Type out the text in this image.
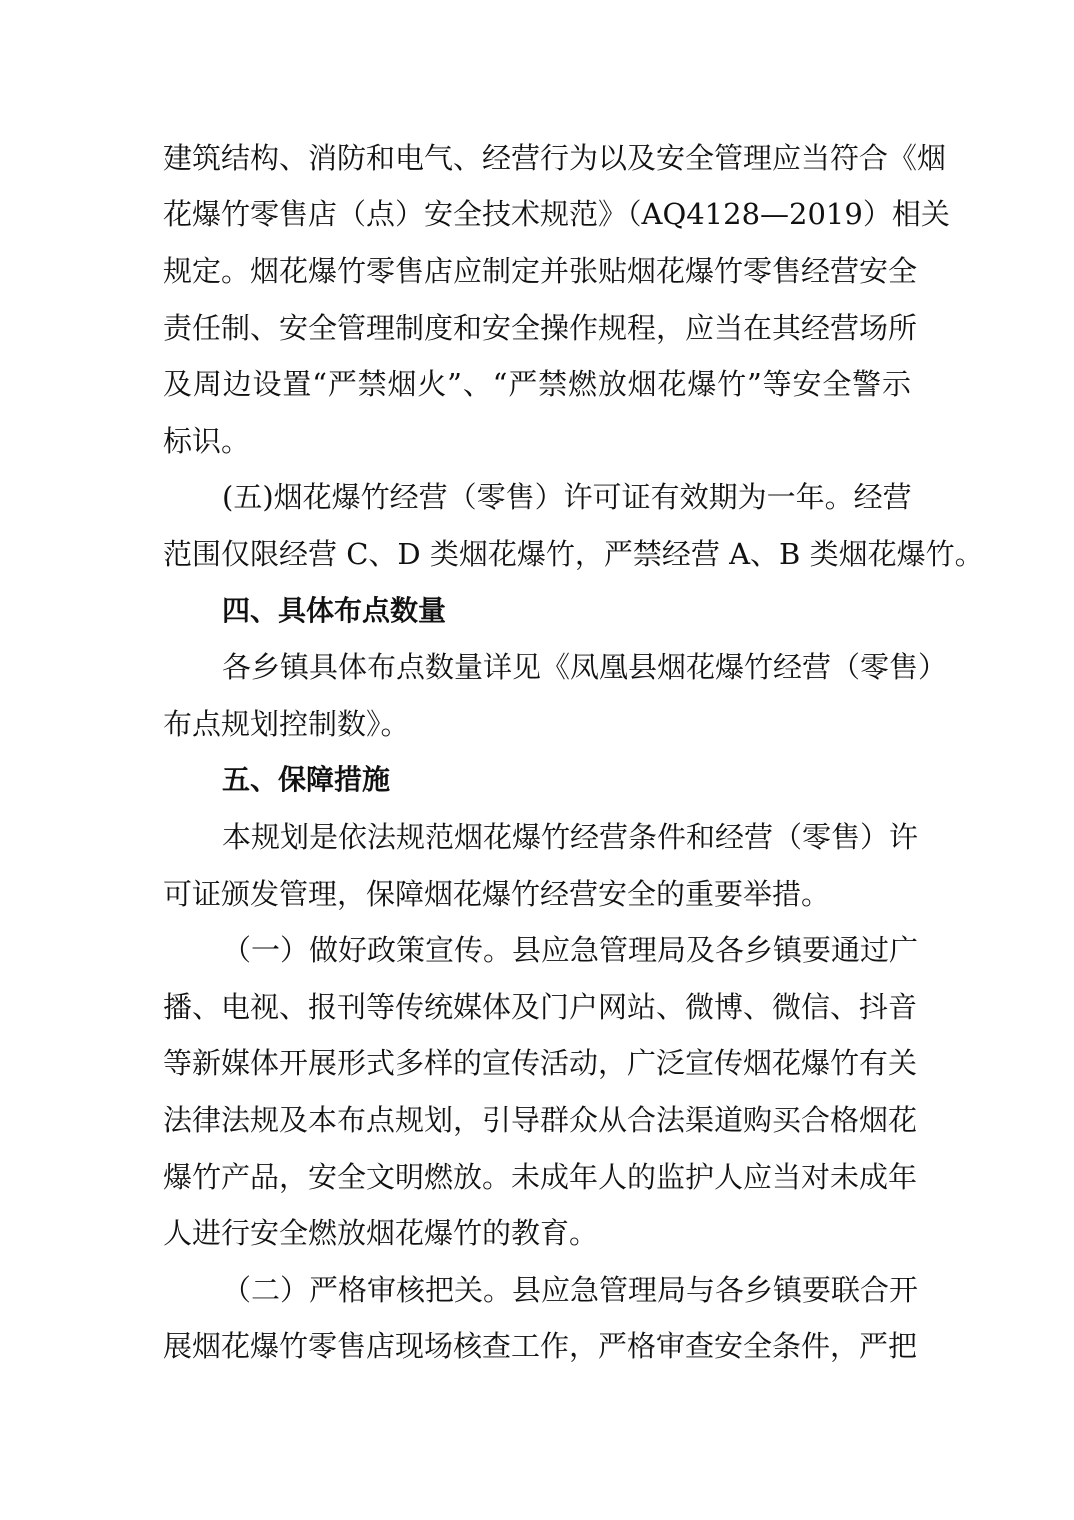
建筑结构、消防和电气、经营行为以及安全管理应当符合《烟
花爆竹零售店（点）安全技术规范》（AQ4128—2019）相关
规定。烟花爆竹零售店应制定并张贴烟花爆竹零售经营安全
责任制、安全管理制度和安全操作规程，应当在其经营场所
及周边设置“严禁烟火”、“严禁燃放烟花爆竹”等安全警示
标识。
(五)烟花爆竹经营（零售）许可证有效期为一年。经营
范围仅限经营 C、D 类烟花爆竹，严禁经营 A、B 类烟花爆竹。
四、具体布点数量
各乡镇具体布点数量详见《凤凰县烟花爆竹经营（零售）
布点规划控制数》。
五、保障措施
本规划是依法规范烟花爆竹经营条件和经营（零售）许
可证颁发管理，保障烟花爆竹经营安全的重要举措。
（一）做好政策宣传。县应急管理局及各乡镇要通过广
播、电视、报刊等传统媒体及门户网站、微博、微信、抖音
等新媒体开展形式多样的宣传活动，广泛宣传烟花爆竹有关
法律法规及本布点规划，引导群众从合法渠道购买合格烟花
爆竹产品，安全文明燃放。未成年人的监护人应当对未成年
人进行安全燃放烟花爆竹的教育。
（二）严格审核把关。县应急管理局与各乡镇要联合开
展烟花爆竹零售店现场核查工作，严格审查安全条件，严把
